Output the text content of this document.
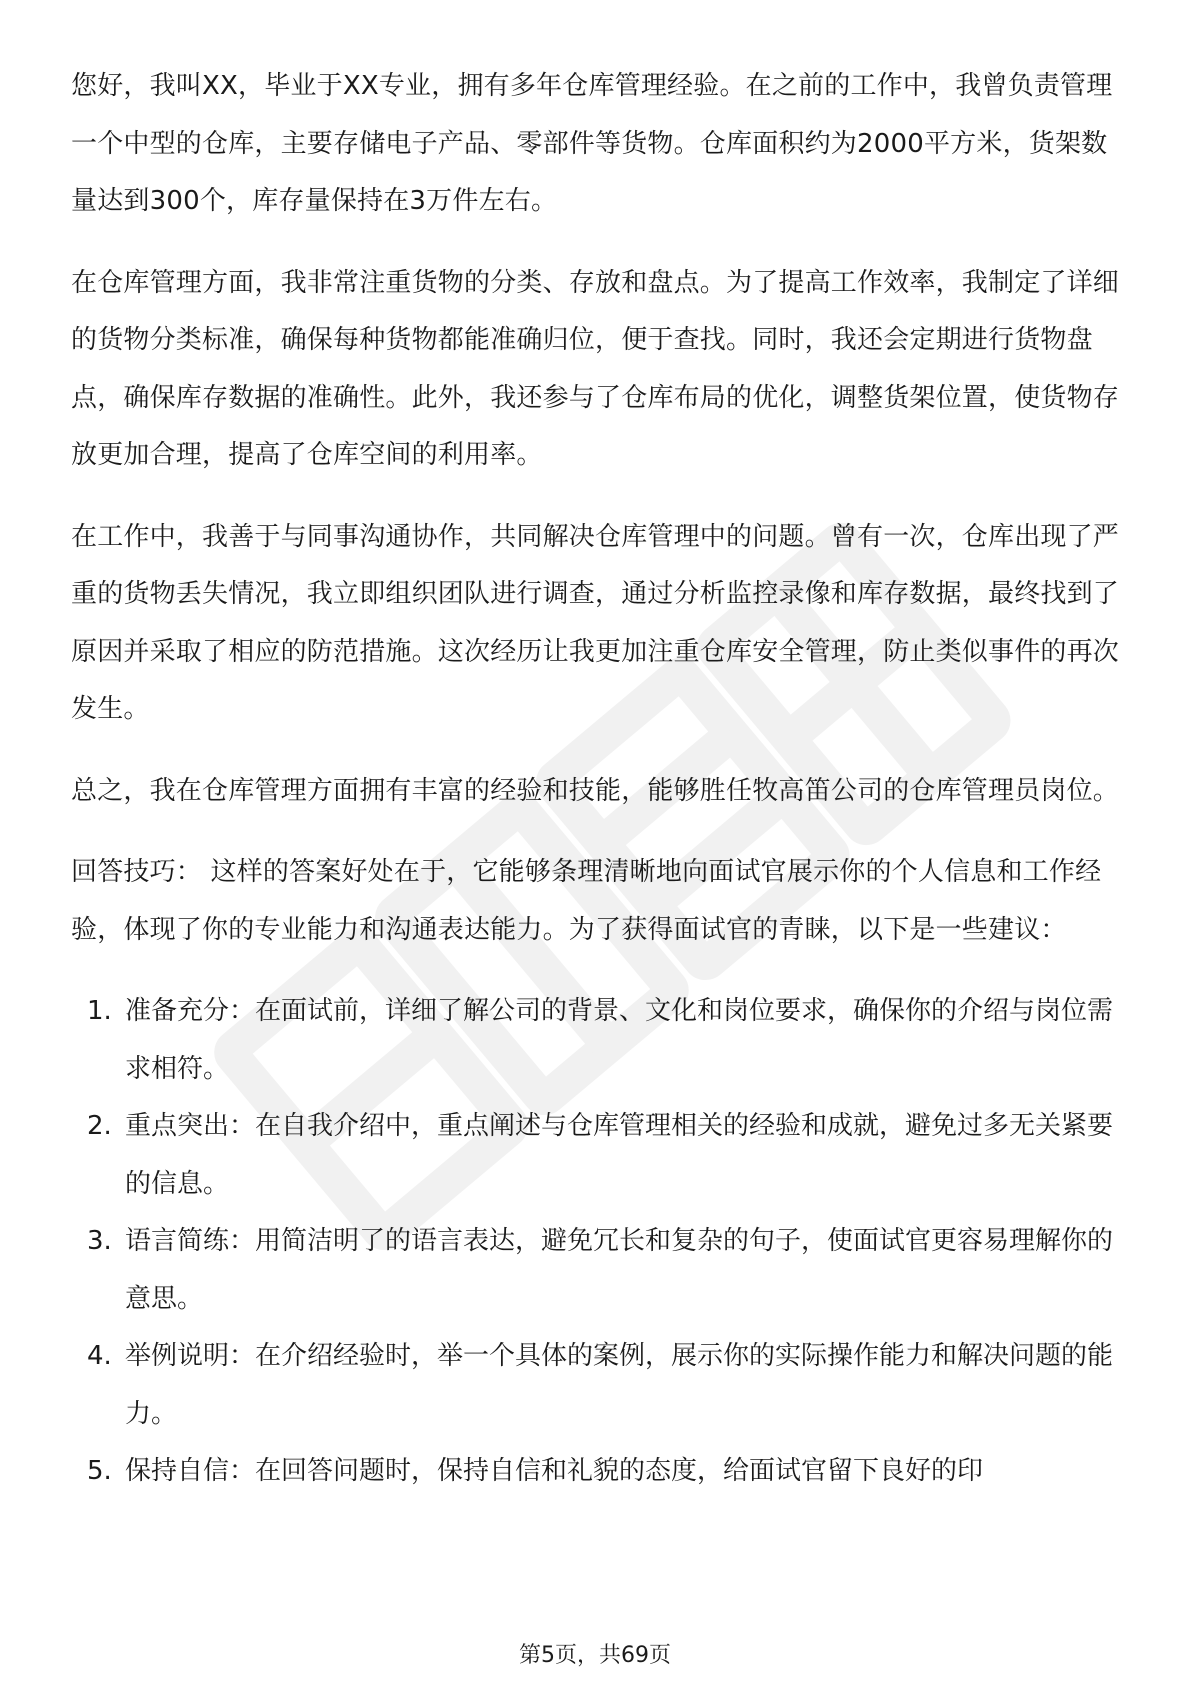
您好，我叫XX，毕业于XX专业，拥有多年仓库管理经验。在之前的工作中，我曾负责管理一个中型的仓库，主要存储电子产品、零部件等货物。仓库面积约为2000平方米，货架数量达到300个，库存量保持在3万件左右。

在仓库管理方面，我非常注重货物的分类、存放和盘点。为了提高工作效率，我制定了详细的货物分类标准，确保每种货物都能准确归位，便于查找。同时，我还会定期进行货物盘点，确保库存数据的准确性。此外，我还参与了仓库布局的优化，调整货架位置，使货物存放更加合理，提高了仓库空间的利用率。

在工作中，我善于与同事沟通协作，共同解决仓库管理中的问题。曾有一次，仓库出现了严重的货物丢失情况，我立即组织团队进行调查，通过分析监控录像和库存数据，最终找到了原因并采取了相应的防范措施。这次经历让我更加注重仓库安全管理，防止类似事件的再次发生。

总之，我在仓库管理方面拥有丰富的经验和技能，能够胜任牧高笛公司的仓库管理员岗位。

回答技巧： 这样的答案好处在于，它能够条理清晰地向面试官展示你的个人信息和工作经验，体现了你的专业能力和沟通表达能力。为了获得面试官的青睐，以下是一些建议：

1. 准备充分：在面试前，详细了解公司的背景、文化和岗位要求，确保你的介绍与岗位需求相符。
2. 重点突出：在自我介绍中，重点阐述与仓库管理相关的经验和成就，避免过多无关紧要的信息。
3. 语言简练：用简洁明了的语言表达，避免冗长和复杂的句子，使面试官更容易理解你的意思。
4. 举例说明：在介绍经验时，举一个具体的案例，展示你的实际操作能力和解决问题的能力。
5. 保持自信：在回答问题时，保持自信和礼貌的态度，给面试官留下良好的印
第5页，共69页
